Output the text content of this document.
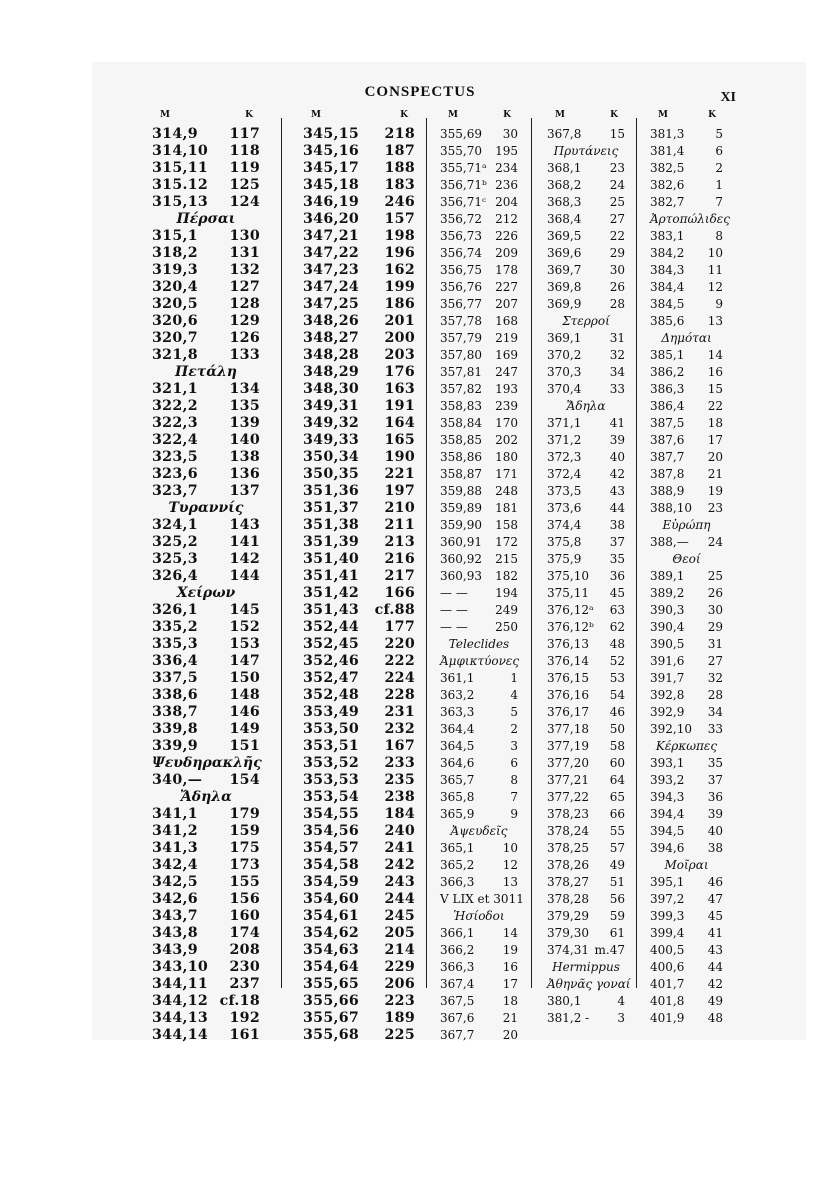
CONSPECTUS	XI
M	K
314,9 117
314,10 118
315,11 119
315.12 125
315,13 124
Πέρσαι
315,1 130
318,2 131
319,3 132
320,4 127
320,5 128
320,6 129
320,7 126
321,8 133
Πετάλη
321,1 134
322,2 135
322,3 139
322,4 140
323,5 138
323,6 136
323,7 137
Τυραννίς
324,1 143
325,2 141
325,3 142
326,4 144
Χείρων
326,1 145
335,2 152
335,3 153
336,4 147
337,5 150
338,6 148
338,7 146
339,8 149
339,9 151
Ψευδηρακλῆς
340,— 154
Ἄδηλα
341,1 179
341,2 159
341,3 175
342,4 173
342,5 155
342,6 156
343,7 160
343,8 174
343,9 208
343,10 230
344,11 237
344,12 cf.18
344,13 192
344,14 161
M	K
345,15 218
345,16 187
345,17 188
345,18 183
346,19 246
346,20 157
347,21 198
347,22 196
347,23 162
347,24 199
347,25 186
348,26 201
348,27 200
348,28 203
348,29 176
348,30 163
349,31 191
349,32 164
349,33 165
350,34 190
350,35 221
351,36 197
351,37 210
351,38 211
351,39 213
351,40 216
351,41 217
351,42 166
351,43 cf.88
352,44 177
352,45 220
352,46 222
352,47 224
352,48 228
353,49 231
353,50 232
353,51 167
353,52 233
353,53 235
353,54 238
354,55 184
354,56 240
354,57 241
354,58 242
354,59 243
354,60 244
354,61 245
354,62 205
354,63 214
354,64 229
355,65 206
355,66 223
355,67 189
355,68 225
M	K
355,69 30
355,70 195
355,71ᵃ 234
356,71ᵇ 236
356,71ᶜ 204
356,72 212
356,73 226
356,74 209
356,75 178
356,76 227
356,77 207
357,78 168
357,79 219
357,80 169
357,81 247
357,82 193
358,83 239
358,84 170
358,85 202
358,86 180
358,87 171
359,88 248
359,89 181
359,90 158
360,91 172
360,92 215
360,93 182
— — 194
— — 249
— — 250
Teleclides
Ἀμφικτύονες
361,1	1
363,2	4
363,3	5
364,4	2
364,5	3
364,6	6
365,7	8
365,8	7
365,9	9
Ἀψευδεῖς
365,1 10
365,2 12
366,3 13
V LIX et 30 11
Ἡσίοδοι
366,1 14
366,2 19
366,3 16
367,4 17
367,5 18
367,6 21
367,7 20
M	K
367,8 15
Πρυτάνεις
368,1 23
368,2 24
368,3 25
368,4 27
369,5 22
369,6 29
369,7 30
369,8 26
369,9 28
Στερροί
369,1 31
370,2 32
370,3 34
370,4 33
Ἄδηλα
371,1 41
371,2 39
372,3 40
372,4 42
373,5 43
373,6 44
374,4 38
375,8 37
375,9 35
375,10 36
375,11 45
376,12ᵃ 63
376,12ᵇ 62
376,13 48
376,14 52
376,15 53
376,16 54
376,17 46
377,18 50
377,19 58
377,20 60
377,21 64
377,22 65
378,23 66
378,24 55
378,25 57
378,26 49
378,27 51
378,28 56
379,29 59
379,30 61
374,31 m.47
Hermippus
Ἀθηνᾶς γοναί
380,1	4
381,2 - 3
M	K
381,3	5
381,4	6
382,5	2
382,6	1
382,7	7
Ἀρτοπώλιδες
383,1	8
384,2 10
384,3 11
384,4 12
384,5	9
385,6 13
Δημόται
385,1 14
386,2 16
386,3 15
386,4 22
387,5 18
387,6 17
387,7 20
387,8 21
388,9 19
388,10 23
Εὐρώπη
388,— 24
Θεοί
389,1 25
389,2 26
390,3 30
390,4 29
390,5 31
391,6 27
391,7 32
392,8 28
392,9 34
392,10 33
Κέρκωπες
393,1 35
393,2 37
394,3 36
394,4 39
394,5 40
394,6 38
Μοῖραι
395,1 46
397,2 47
399,3 45
399,4 41
400,5 43
400,6 44
401,7 42
401,8 49
401,9 48
